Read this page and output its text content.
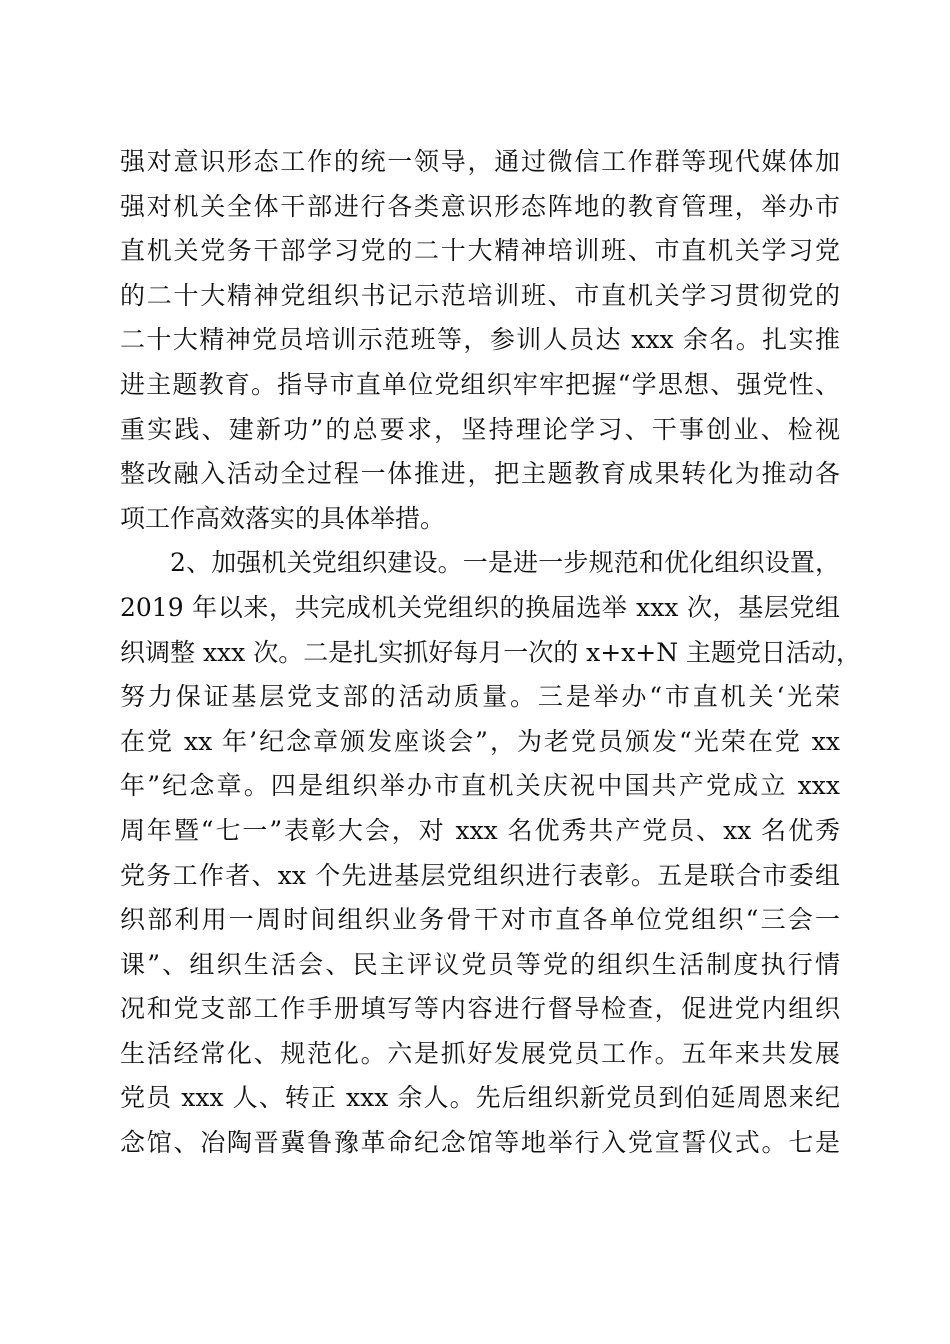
强对意识形态工作的统一领导，通过微信工作群等现代媒体加
强对机关全体干部进行各类意识形态阵地的教育管理，举办市
直机关党务干部学习党的二十大精神培训班、市直机关学习党
的二十大精神党组织书记示范培训班、市直机关学习贯彻党的
二十大精神党员培训示范班等，参训人员达 xxx 余名。扎实推
进主题教育。指导市直单位党组织牢牢把握“学思想、强党性、
重实践、建新功”的总要求，坚持理论学习、干事创业、检视
整改融入活动全过程一体推进，把主题教育成果转化为推动各
项工作高效落实的具体举措。
2、加强机关党组织建设。一是进一步规范和优化组织设置，
2019 年以来，共完成机关党组织的换届选举 xxx 次，基层党组
织调整 xxx 次。二是扎实抓好每月一次的 x+x+N 主题党日活动，
努力保证基层党支部的活动质量。三是举办“市直机关‘光荣
在党 xx 年’纪念章颁发座谈会”，为老党员颁发“光荣在党 xx
年”纪念章。四是组织举办市直机关庆祝中国共产党成立 xxx
周年暨“七一”表彰大会，对 xxx 名优秀共产党员、xx 名优秀
党务工作者、xx 个先进基层党组织进行表彰。五是联合市委组
织部利用一周时间组织业务骨干对市直各单位党组织“三会一
课”、组织生活会、民主评议党员等党的组织生活制度执行情
况和党支部工作手册填写等内容进行督导检查，促进党内组织
生活经常化、规范化。六是抓好发展党员工作。五年来共发展
党员 xxx 人、转正 xxx 余人。先后组织新党员到伯延周恩来纪
念馆、冶陶晋冀鲁豫革命纪念馆等地举行入党宣誓仪式。七是
